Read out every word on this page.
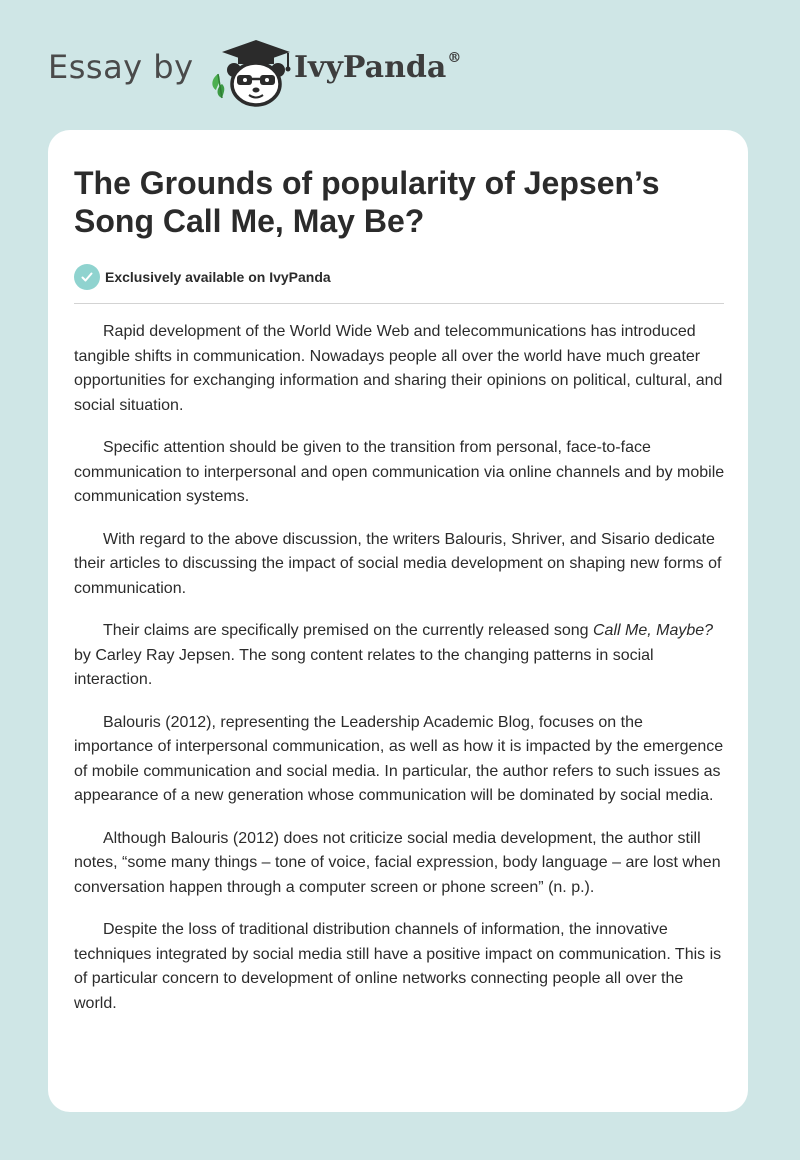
Essay by	IvyPanda®
The Grounds of popularity of Jepsen’s Song Call Me, May Be?
Exclusively available on IvyPanda

Rapid development of the World Wide Web and telecommunications has introduced tangible shifts in communication. Nowadays people all over the world have much greater opportunities for exchanging information and sharing their opinions on political, cultural, and social situation.

Specific attention should be given to the transition from personal, face-to-face communication to interpersonal and open communication via online channels and by mobile communication systems.

With regard to the above discussion, the writers Balouris, Shriver, and Sisario dedicate their articles to discussing the impact of social media development on shaping new forms of communication.

Their claims are specifically premised on the currently released song Call Me, Maybe? by Carley Ray Jepsen. The song content relates to the changing patterns in social interaction.

Balouris (2012), representing the Leadership Academic Blog, focuses on the importance of interpersonal communication, as well as how it is impacted by the emergence of mobile communication and social media. In particular, the author refers to such issues as appearance of a new generation whose communication will be dominated by social media.

Although Balouris (2012) does not criticize social media development, the author still notes, “some many things – tone of voice, facial expression, body language – are lost when conversation happen through a computer screen or phone screen” (n. p.).

Despite the loss of traditional distribution channels of information, the innovative techniques integrated by social media still have a positive impact on communication. This is of particular concern to development of online networks connecting people all over the world.
